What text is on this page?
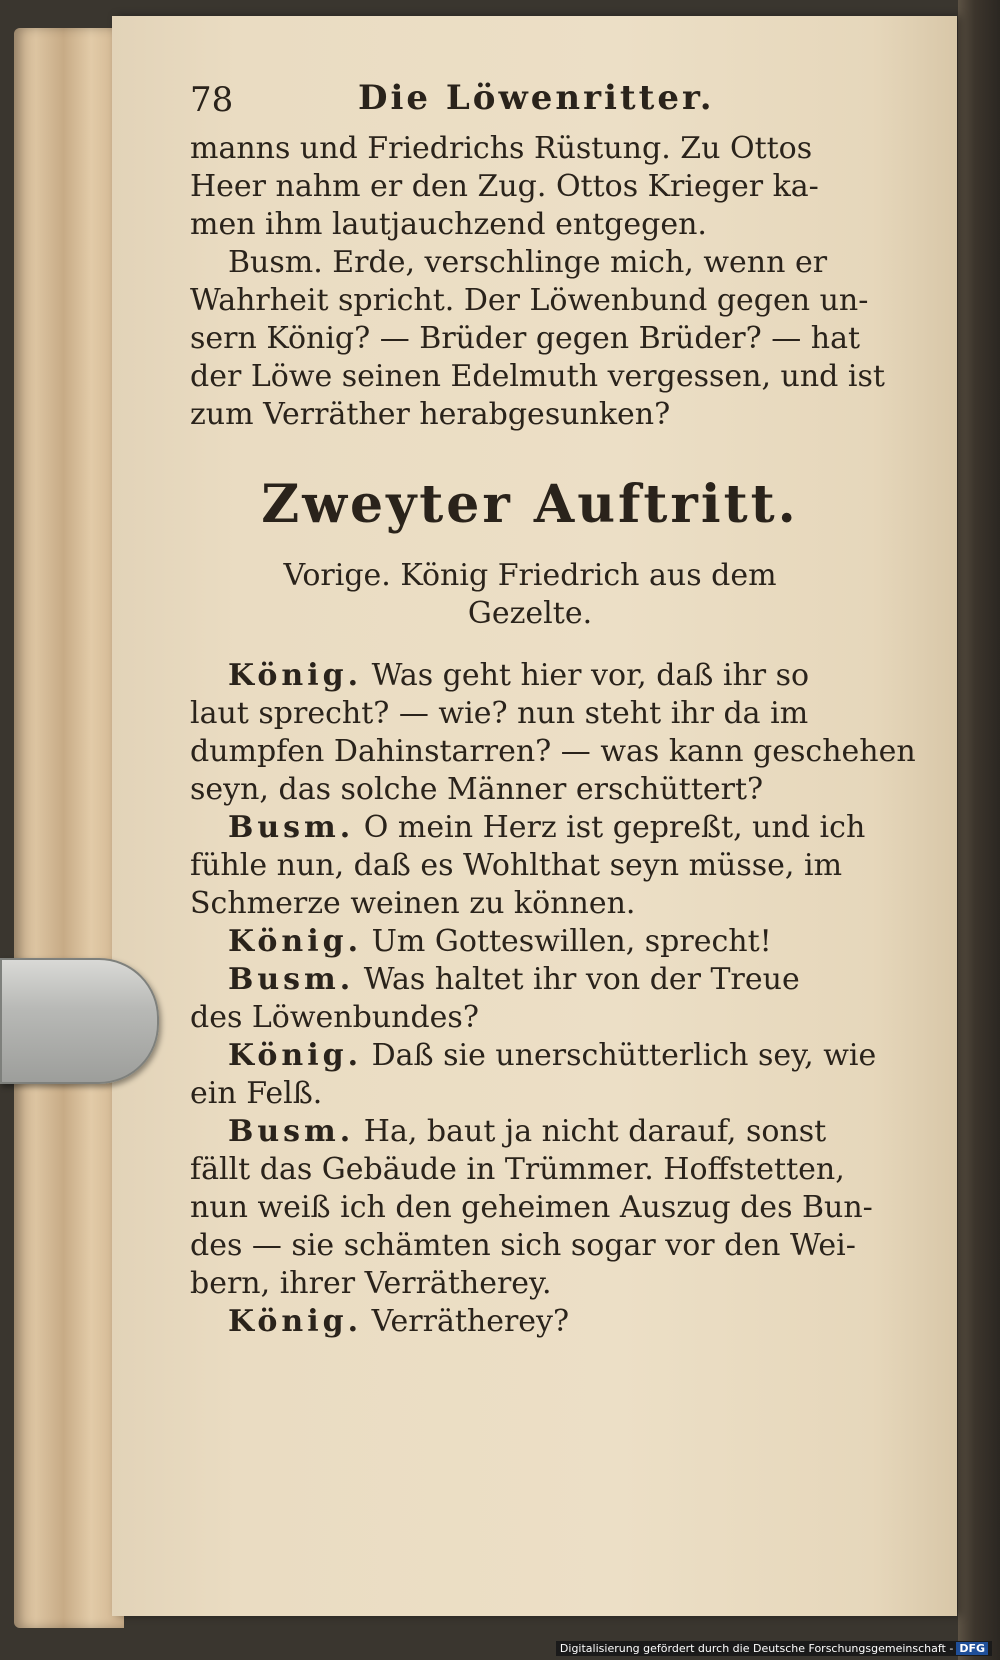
78	Die Löwenritter.
manns und Friedrichs Rüstung. Zu Ottos
Heer nahm er den Zug. Ottos Krieger ka-
men ihm lautjauchzend entgegen.
Busm. Erde, verschlinge mich, wenn er
Wahrheit spricht. Der Löwenbund gegen un-
sern König? — Brüder gegen Brüder? — hat
der Löwe seinen Edelmuth vergessen, und ist
zum Verräther herabgesunken?
Zweyter Auftritt.
Vorige. König Friedrich aus dem
Gezelte.
König. Was geht hier vor, daß ihr so
laut sprecht? — wie? nun steht ihr da im
dumpfen Dahinstarren? — was kann geschehen
seyn, das solche Männer erschüttert?
Busm. O mein Herz ist gepreßt, und ich
fühle nun, daß es Wohlthat seyn müsse, im
Schmerze weinen zu können.
König. Um Gotteswillen, sprecht!
Busm. Was haltet ihr von der Treue
des Löwenbundes?
König. Daß sie unerschütterlich sey, wie
ein Felß.
Busm. Ha, baut ja nicht darauf, sonst
fällt das Gebäude in Trümmer. Hoffstetten,
nun weiß ich den geheimen Auszug des Bun-
des — sie schämten sich sogar vor den Wei-
bern, ihrer Verrätherey.
König. Verrätherey?
Digitalisierung gefördert durch die Deutsche Forschungsgemeinschaft - DFG
